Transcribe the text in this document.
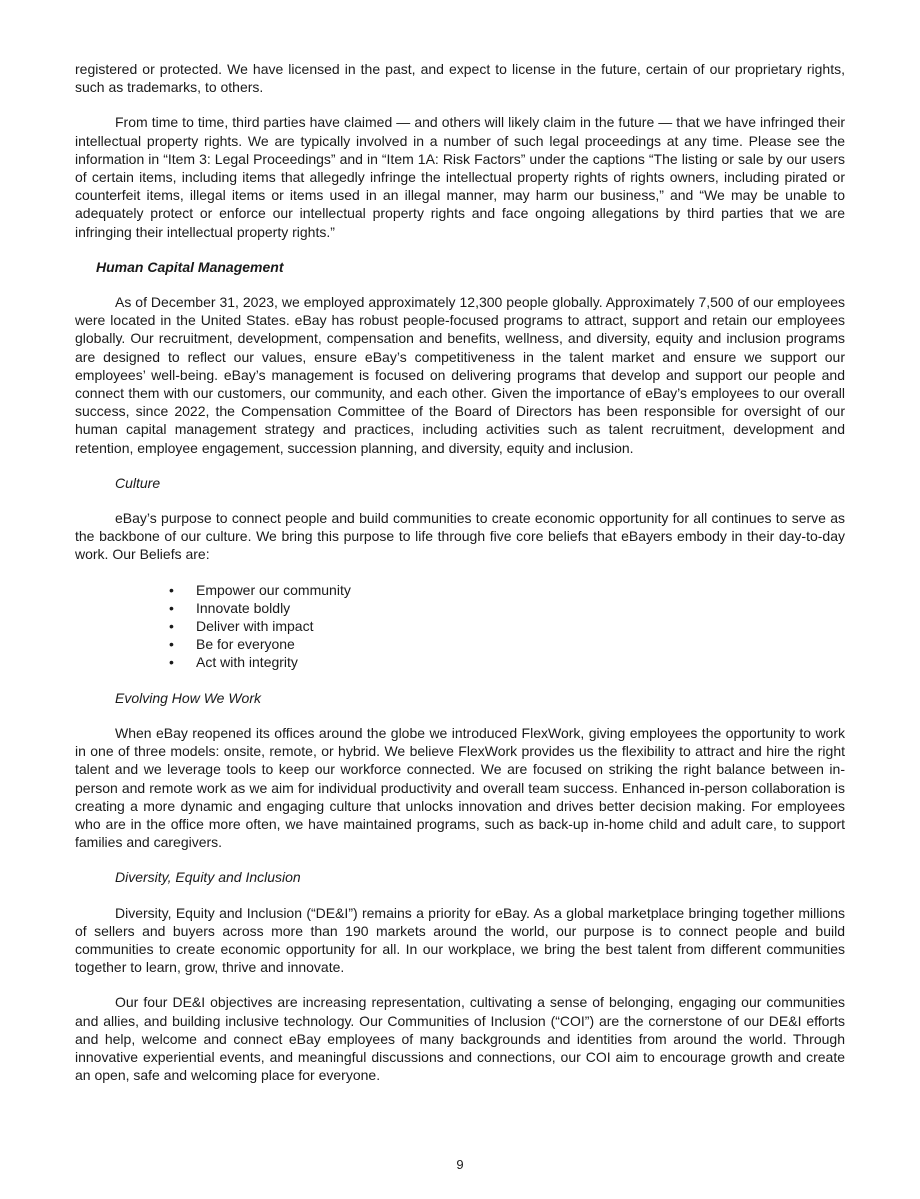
registered or protected. We have licensed in the past, and expect to license in the future, certain of our proprietary rights, such as trademarks, to others.

From time to time, third parties have claimed — and others will likely claim in the future — that we have infringed their intellectual property rights. We are typically involved in a number of such legal proceedings at any time. Please see the information in “Item 3: Legal Proceedings” and in “Item 1A: Risk Factors” under the captions “The listing or sale by our users of certain items, including items that allegedly infringe the intellectual property rights of rights owners, including pirated or counterfeit items, illegal items or items used in an illegal manner, may harm our business,” and “We may be unable to adequately protect or enforce our intellectual property rights and face ongoing allegations by third parties that we are infringing their intellectual property rights.”

Human Capital Management

As of December 31, 2023, we employed approximately 12,300 people globally. Approximately 7,500 of our employees were located in the United States. eBay has robust people-focused programs to attract, support and retain our employees globally. Our recruitment, development, compensation and benefits, wellness, and diversity, equity and inclusion programs are designed to reflect our values, ensure eBay’s competitiveness in the talent market and ensure we support our employees’ well-being. eBay’s management is focused on delivering programs that develop and support our people and connect them with our customers, our community, and each other. Given the importance of eBay’s employees to our overall success, since 2022, the Compensation Committee of the Board of Directors has been responsible for oversight of our human capital management strategy and practices, including activities such as talent recruitment, development and retention, employee engagement, succession planning, and diversity, equity and inclusion.

Culture

eBay’s purpose to connect people and build communities to create economic opportunity for all continues to serve as the backbone of our culture. We bring this purpose to life through five core beliefs that eBayers embody in their day-to-day work. Our Beliefs are:

• Empower our community
• Innovate boldly
• Deliver with impact
• Be for everyone
• Act with integrity
Evolving How We Work

When eBay reopened its offices around the globe we introduced FlexWork, giving employees the opportunity to work in one of three models: onsite, remote, or hybrid. We believe FlexWork provides us the flexibility to attract and hire the right talent and we leverage tools to keep our workforce connected. We are focused on striking the right balance between in-person and remote work as we aim for individual productivity and overall team success. Enhanced in-person collaboration is creating a more dynamic and engaging culture that unlocks innovation and drives better decision making. For employees who are in the office more often, we have maintained programs, such as back-up in-home child and adult care, to support families and caregivers.

Diversity, Equity and Inclusion

Diversity, Equity and Inclusion (“DE&I”) remains a priority for eBay. As a global marketplace bringing together millions of sellers and buyers across more than 190 markets around the world, our purpose is to connect people and build communities to create economic opportunity for all. In our workplace, we bring the best talent from different communities together to learn, grow, thrive and innovate.

Our four DE&I objectives are increasing representation, cultivating a sense of belonging, engaging our communities and allies, and building inclusive technology. Our Communities of Inclusion (“COI”) are the cornerstone of our DE&I efforts and help, welcome and connect eBay employees of many backgrounds and identities from around the world. Through innovative experiential events, and meaningful discussions and connections, our COI aim to encourage growth and create an open, safe and welcoming place for everyone.

9
